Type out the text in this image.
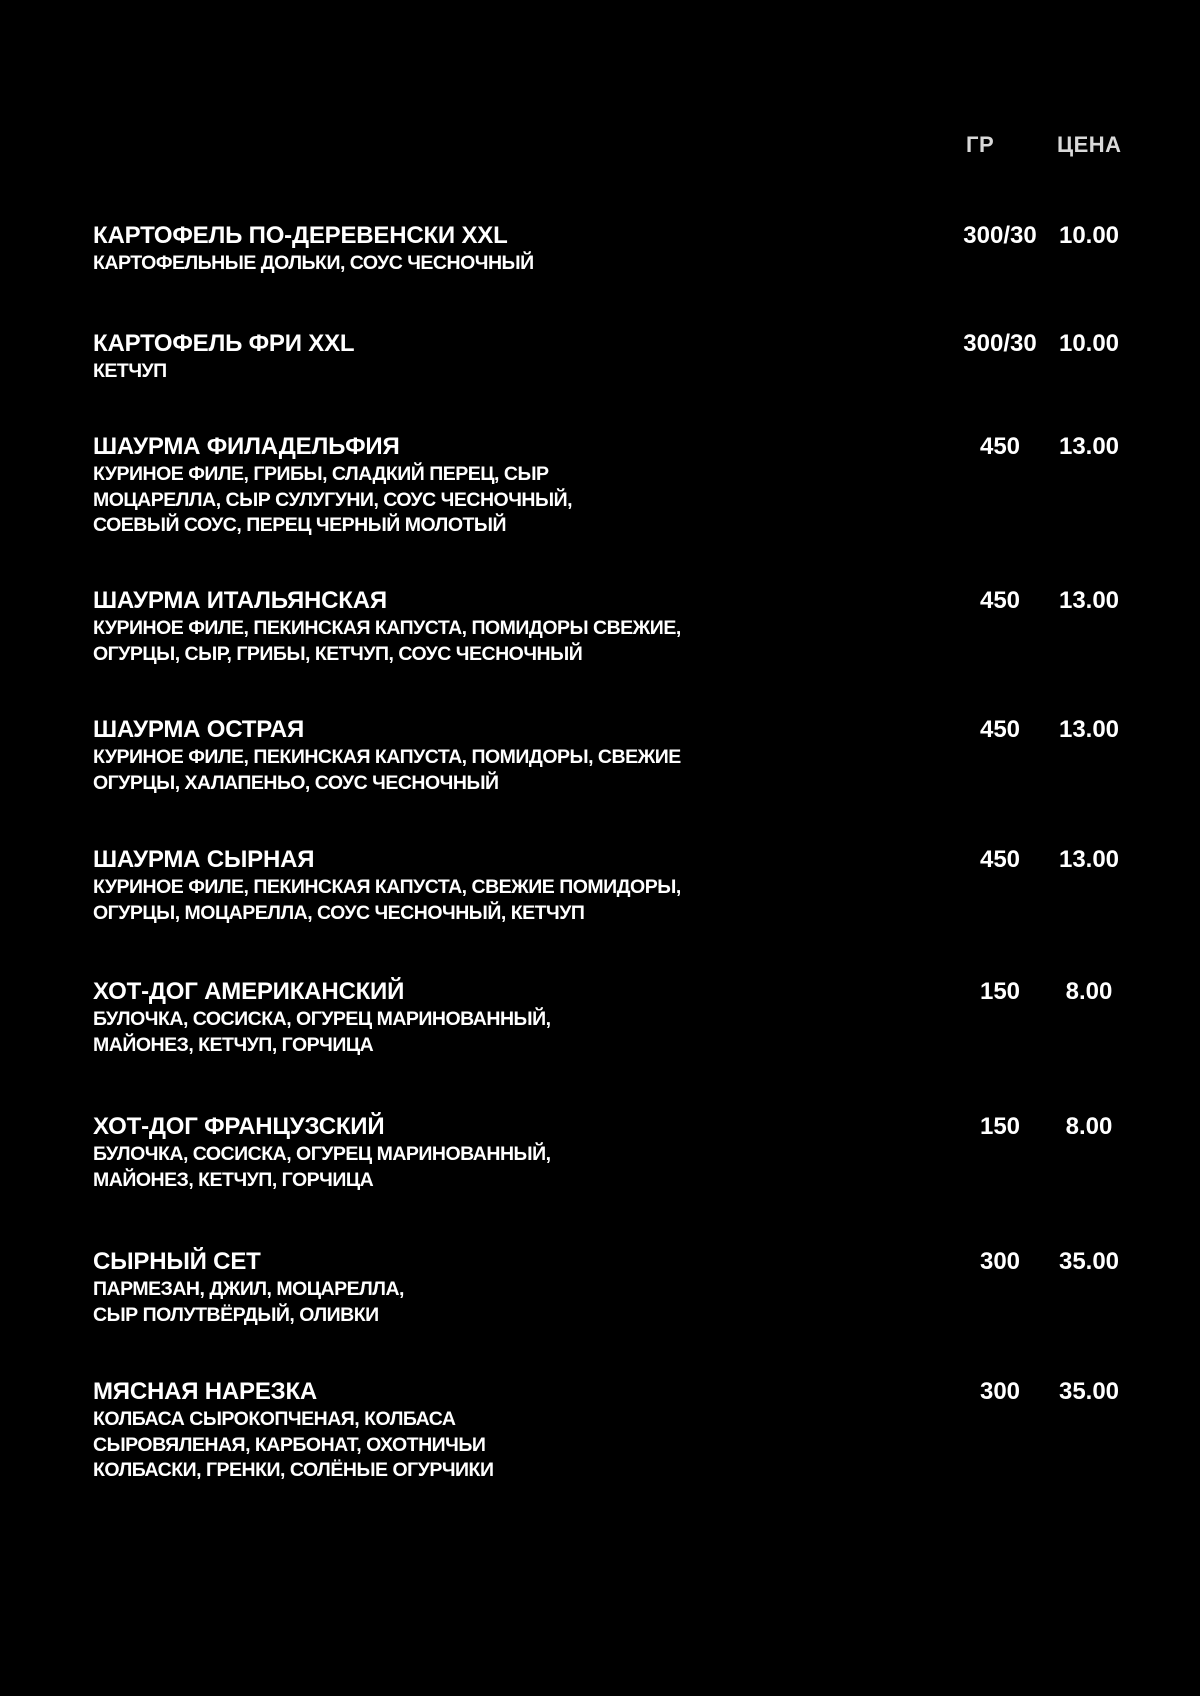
ГР	ЦЕНА
КАРТОФЕЛЬ ПО-ДЕРЕВЕНСКИ XXL
КАРТОФЕЛЬНЫЕ ДОЛЬКИ, СОУС ЧЕСНОЧНЫЙ
300/30 10.00
КАРТОФЕЛЬ ФРИ XXL
КЕТЧУП
300/30 10.00
ШАУРМА ФИЛАДЕЛЬФИЯ
КУРИНОЕ ФИЛЕ, ГРИБЫ, СЛАДКИЙ ПЕРЕЦ, СЫР
МОЦАРЕЛЛА, СЫР СУЛУГУНИ, СОУС ЧЕСНОЧНЫЙ,
СОЕВЫЙ СОУС, ПЕРЕЦ ЧЕРНЫЙ МОЛОТЫЙ
450	13.00
ШАУРМА ИТАЛЬЯНСКАЯ
КУРИНОЕ ФИЛЕ, ПЕКИНСКАЯ КАПУСТА, ПОМИДОРЫ СВЕЖИЕ,
ОГУРЦЫ, СЫР, ГРИБЫ, КЕТЧУП, СОУС ЧЕСНОЧНЫЙ
450	13.00
ШАУРМА ОСТРАЯ
КУРИНОЕ ФИЛЕ, ПЕКИНСКАЯ КАПУСТА, ПОМИДОРЫ, СВЕЖИЕ
ОГУРЦЫ, ХАЛАПЕНЬО, СОУС ЧЕСНОЧНЫЙ
450	13.00
ШАУРМА СЫРНАЯ
КУРИНОЕ ФИЛЕ, ПЕКИНСКАЯ КАПУСТА, СВЕЖИЕ ПОМИДОРЫ,
ОГУРЦЫ, МОЦАРЕЛЛА, СОУС ЧЕСНОЧНЫЙ, КЕТЧУП
450	13.00
ХОТ-ДОГ АМЕРИКАНСКИЙ
БУЛОЧКА, СОСИСКА, ОГУРЕЦ МАРИНОВАННЫЙ,
МАЙОНЕЗ, КЕТЧУП, ГОРЧИЦА
150	8.00
ХОТ-ДОГ ФРАНЦУЗСКИЙ
БУЛОЧКА, СОСИСКА, ОГУРЕЦ МАРИНОВАННЫЙ,
МАЙОНЕЗ, КЕТЧУП, ГОРЧИЦА
150	8.00
СЫРНЫЙ СЕТ
ПАРМЕЗАН, ДЖИЛ, МОЦАРЕЛЛА,
СЫР ПОЛУТВЁРДЫЙ, ОЛИВКИ
300	35.00
МЯСНАЯ НАРЕЗКА
КОЛБАСА СЫРОКОПЧЕНАЯ, КОЛБАСА
СЫРОВЯЛЕНАЯ, КАРБОНАТ, ОХОТНИЧЬИ
КОЛБАСКИ, ГРЕНКИ, СОЛЁНЫЕ ОГУРЧИКИ
300	35.00
